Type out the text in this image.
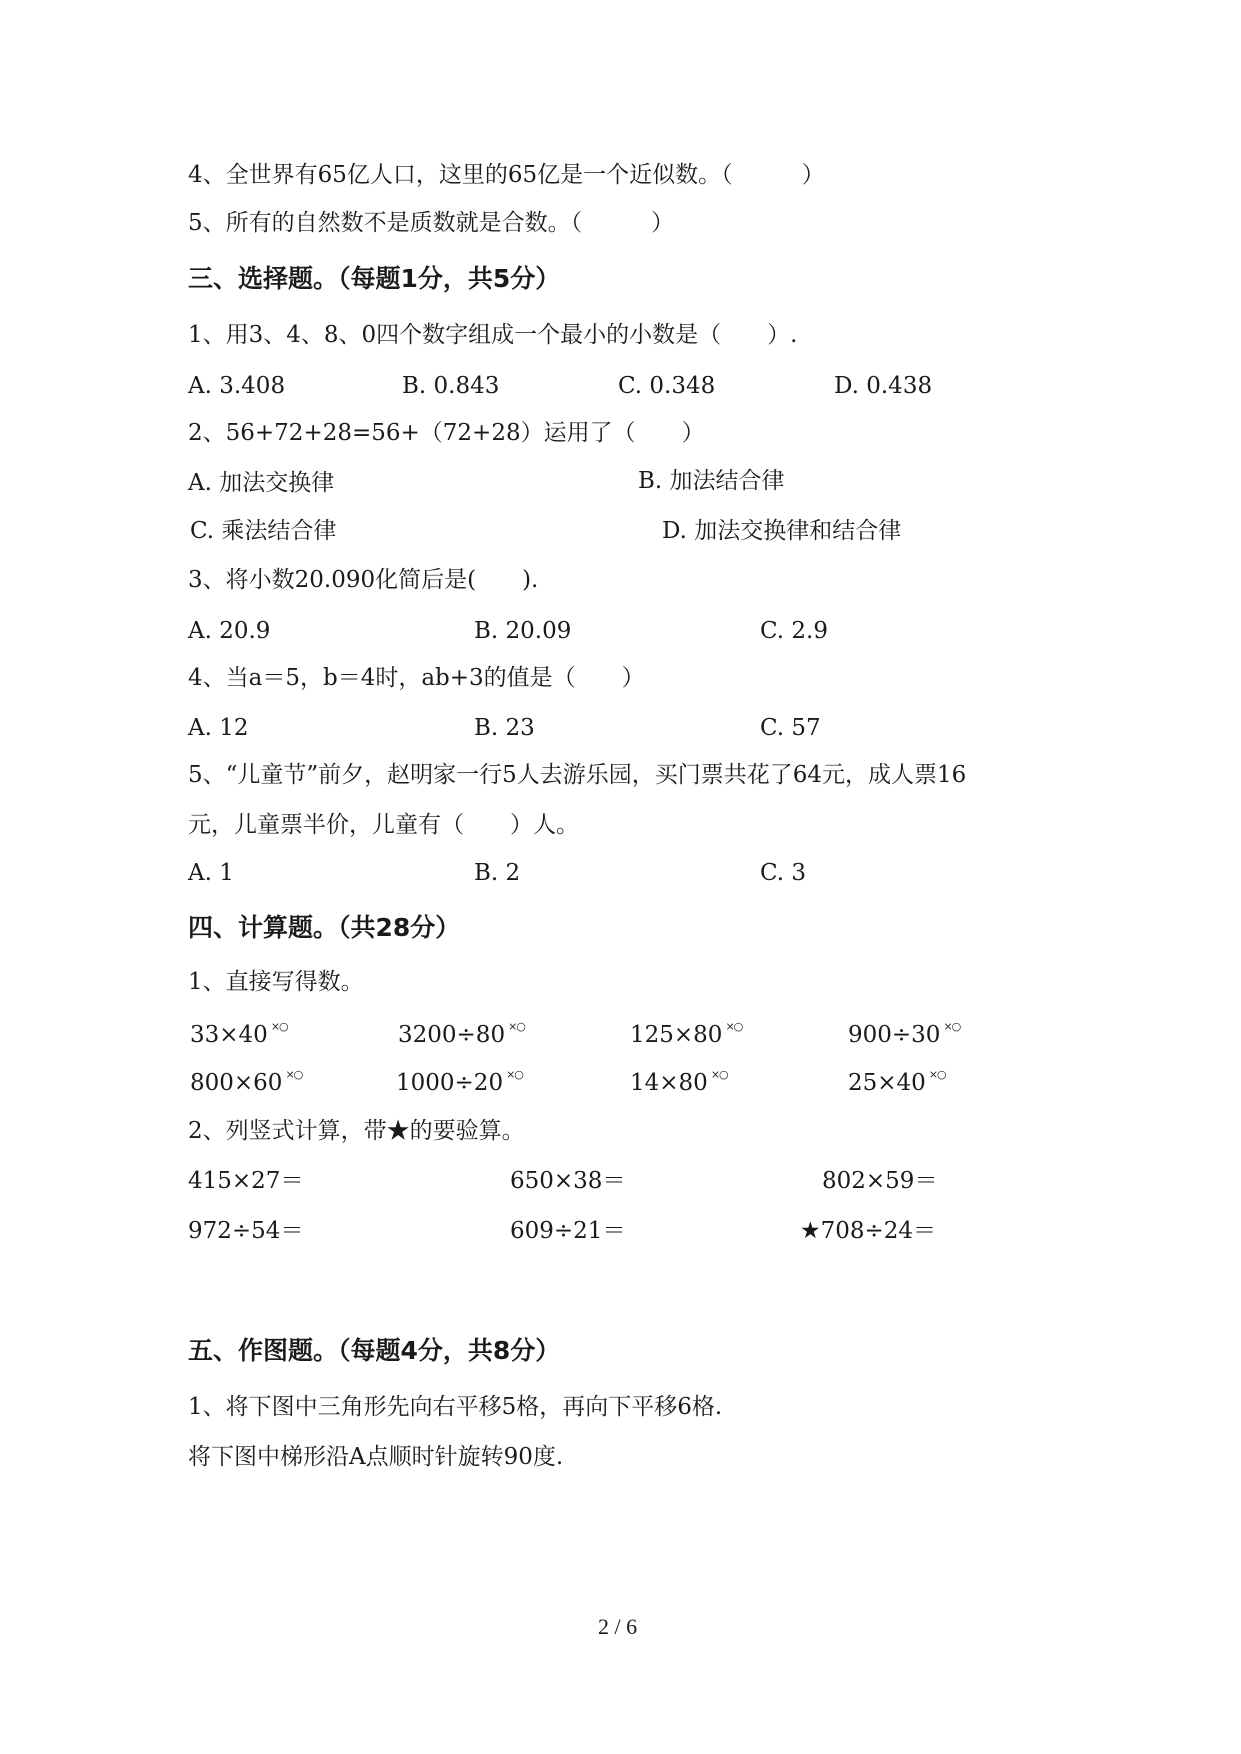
4、全世界有65亿人口，这里的65亿是一个近似数。（　　　）
5、所有的自然数不是质数就是合数。（　　　）
三、选择题。（每题1分，共5分）
1、用3、4、8、0四个数字组成一个最小的小数是（　　）.
A. 3.408	B. 0.843	C. 0.348	D. 0.438
2、56+72+28=56+（72+28）运用了（　　）
A. 加法交换律	B. 加法结合律
C. 乘法结合律	D. 加法交换律和结合律
3、将小数20.090化简后是(　　).
A. 20.9	B. 20.09	C. 2.9
4、当a＝5，b＝4时，ab+3的值是（　　）
A. 12	B. 23	C. 57
5、“儿童节”前夕，赵明家一行5人去游乐园，买门票共花了64元，成人票16
元，儿童票半价，儿童有（　　）人。
A. 1	B. 2	C. 3
四、计算题。（共28分）
1、直接写得数。
33×40 ×○	3200÷80 ×○	125×80 ×○	900÷30 ×○
800×60 ×○	1000÷20 ×○	14×80 ×○	25×40 ×○
2、列竖式计算，带★的要验算。
415×27＝	650×38＝	802×59＝
972÷54＝	609÷21＝	★708÷24＝
五、作图题。（每题4分，共8分）
1、将下图中三角形先向右平移5格，再向下平移6格.
将下图中梯形沿A点顺时针旋转90度.
2 / 6
